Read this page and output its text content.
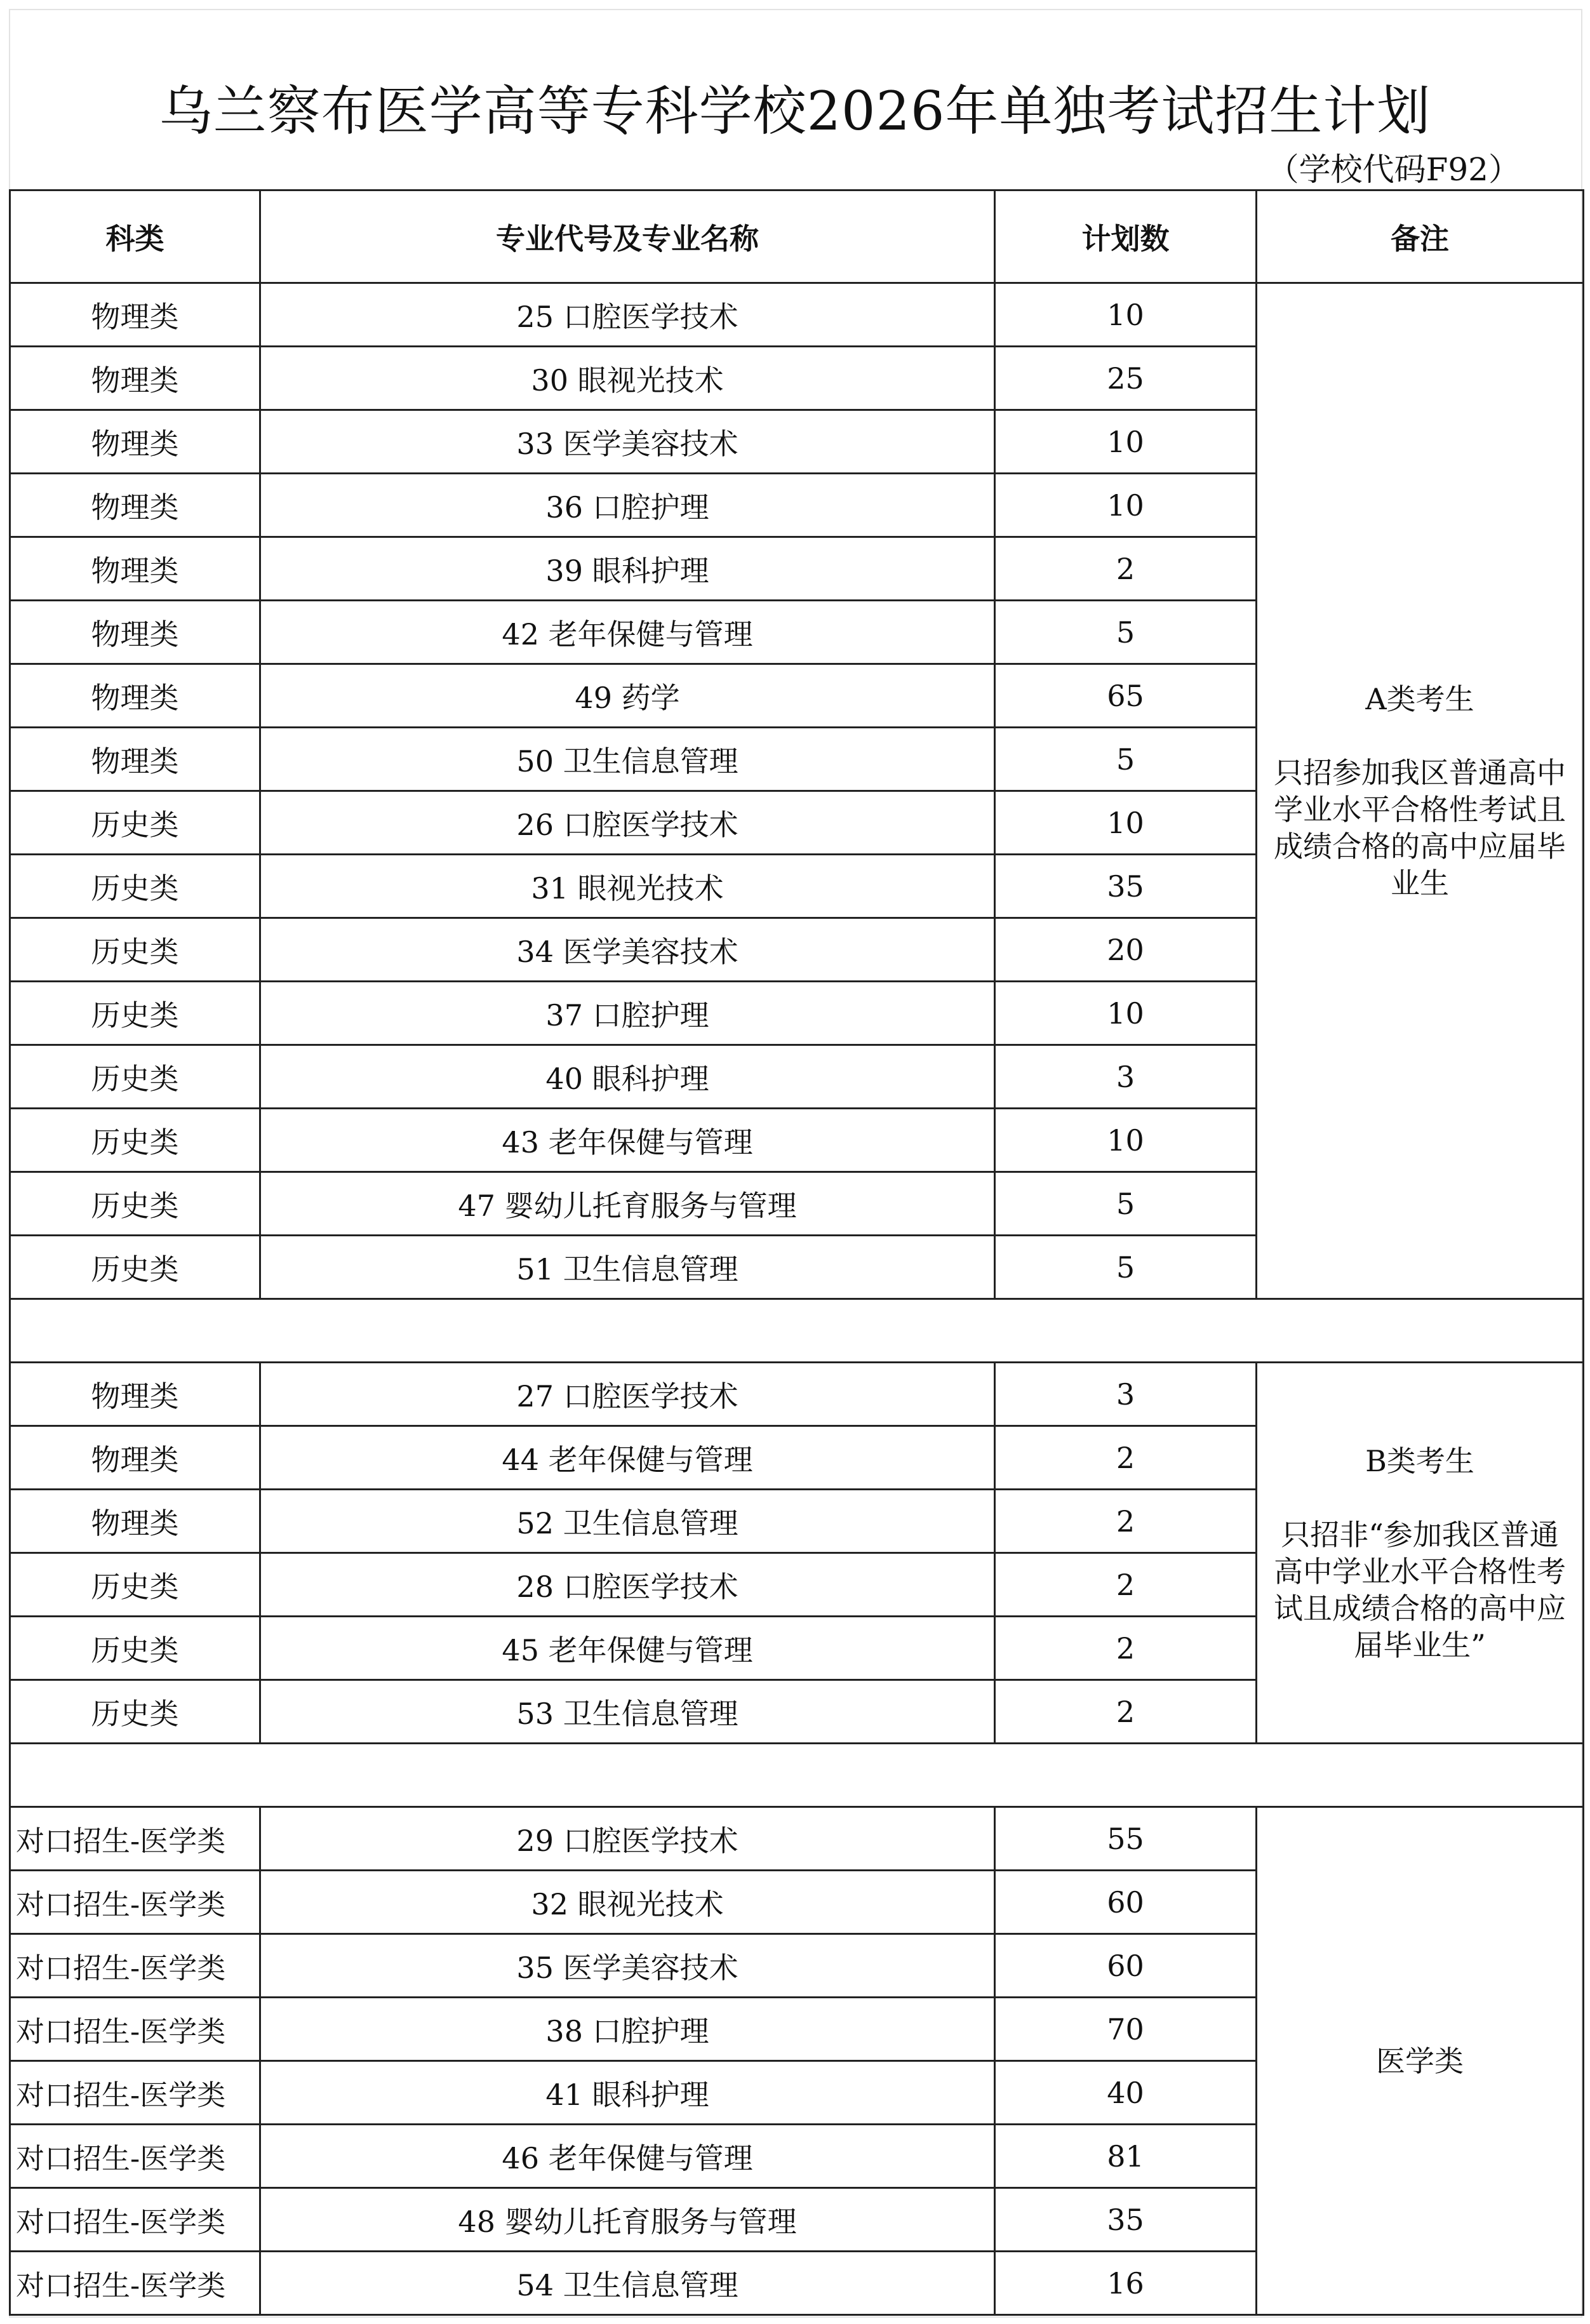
乌兰察布医学高等专科学校2026年单独考试招生计划
（学校代码F92）
科类	专业代号及专业名称	计划数	备注
物理类	25 口腔医学技术	10	A类考生
只招参加我区普通高中学业水平合格性考试且成绩合格的高中应届毕业生

物理类	30 眼视光技术	25	
物理类	33 医学美容技术	10	
物理类	36 口腔护理	10	
物理类	39 眼科护理	2	
物理类	42 老年保健与管理	5	
物理类	49 药学	65	
物理类	50 卫生信息管理	5	
历史类	26 口腔医学技术	10	
历史类	31 眼视光技术	35	
历史类	34 医学美容技术	20	
历史类	37 口腔护理	10	
历史类	40 眼科护理	3	
历史类	43 老年保健与管理	10	
历史类	47 婴幼儿托育服务与管理	5	
历史类	51 卫生信息管理	5	

物理类	27 口腔医学技术	3	B类考生
只招非“参加我区普通高中学业水平合格性考试且成绩合格的高中应届毕业生”

物理类	44 老年保健与管理	2	
物理类	52 卫生信息管理	2	
历史类	28 口腔医学技术	2	
历史类	45 老年保健与管理	2	
历史类	53 卫生信息管理	2	

对口招生-医学类	29 口腔医学技术	55	医学类
对口招生-医学类	32 眼视光技术	60	
对口招生-医学类	35 医学美容技术	60	
对口招生-医学类	38 口腔护理	70	
对口招生-医学类	41 眼科护理	40	
对口招生-医学类	46 老年保健与管理	81	
对口招生-医学类	48 婴幼儿托育服务与管理	35	
对口招生-医学类	54 卫生信息管理	16	
